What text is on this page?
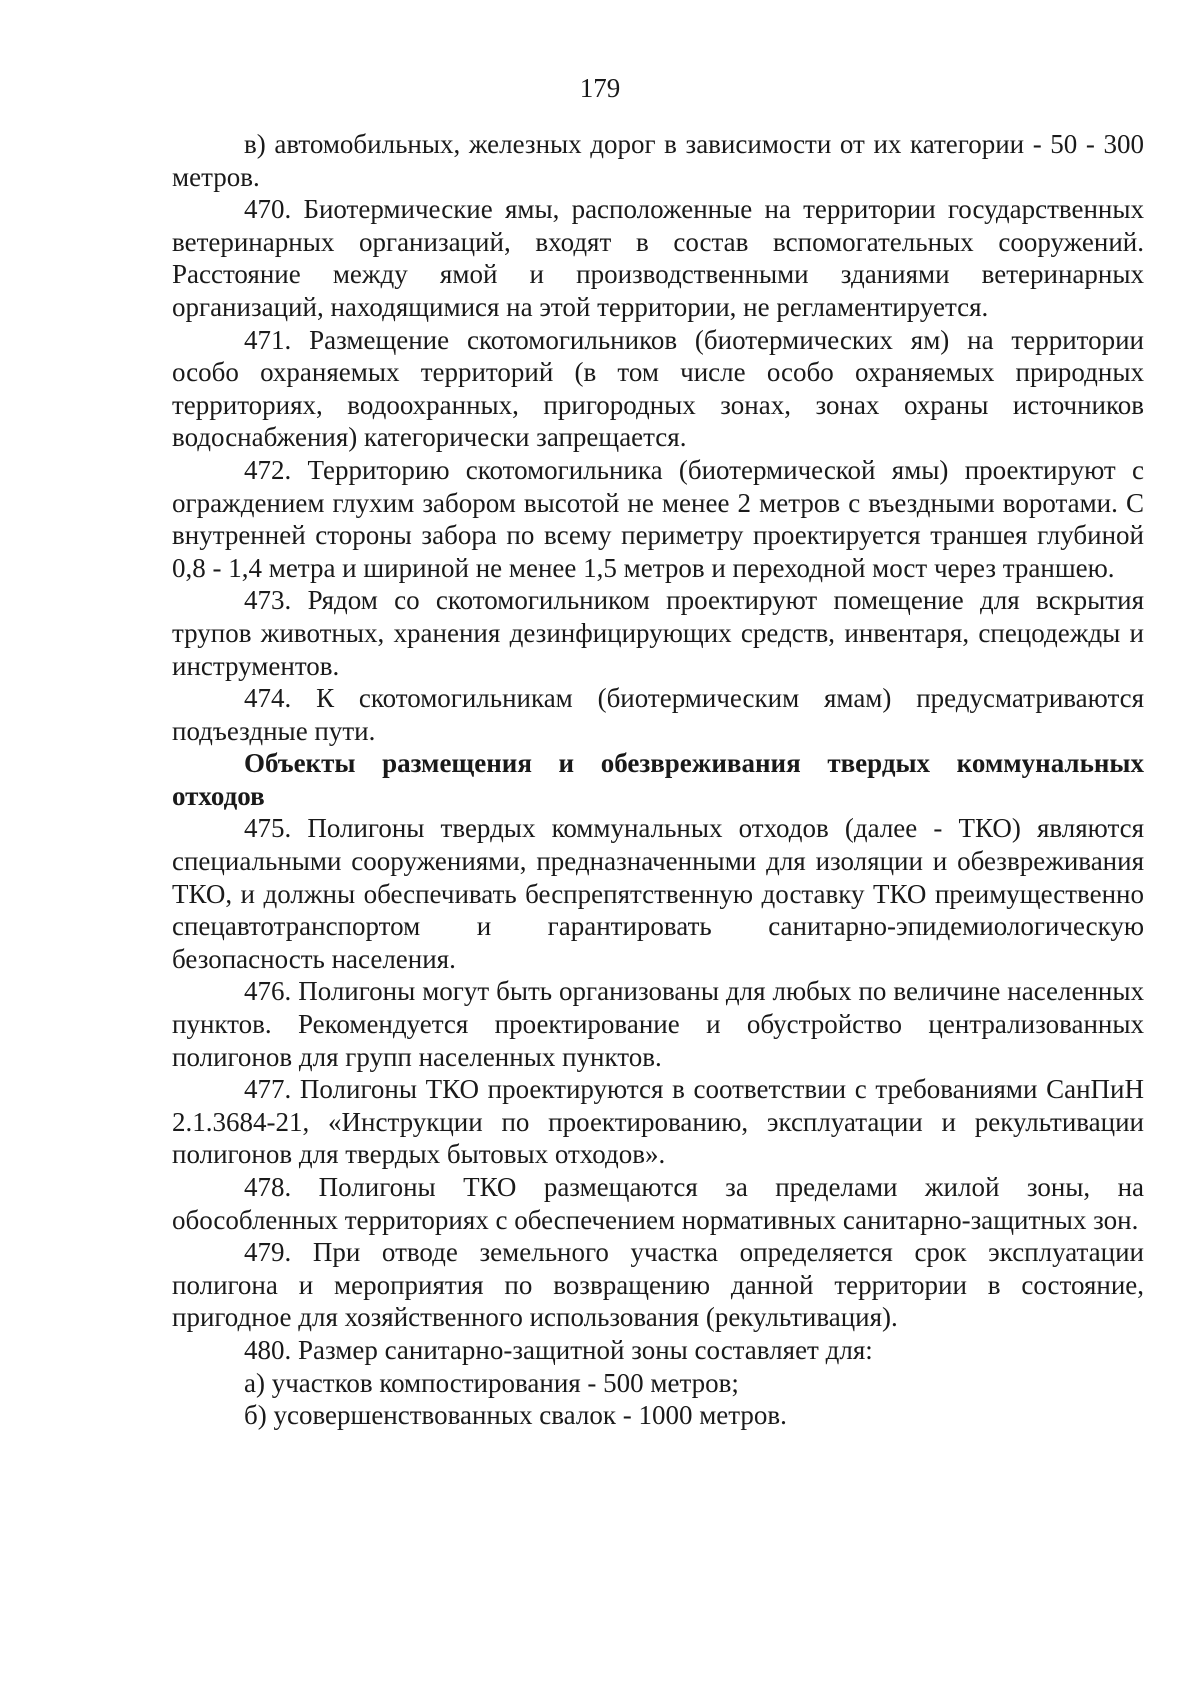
179

в) автомобильных, железных дорог в зависимости от их категории - 50 - 300 метров.

470. Биотермические ямы, расположенные на территории государственных ветеринарных организаций, входят в состав вспомогательных сооружений. Расстояние между ямой и производственными зданиями ветеринарных организаций, находящимися на этой территории, не регламентируется.

471. Размещение скотомогильников (биотермических ям) на территории особо охраняемых территорий (в том числе особо охраняемых природных территориях, водоохранных, пригородных зонах, зонах охраны источников водоснабжения) категорически запрещается.

472. Территорию скотомогильника (биотермической ямы) проектируют с ограждением глухим забором высотой не менее 2 метров с въездными воротами. С внутренней стороны забора по всему периметру проектируется траншея глубиной 0,8 - 1,4 метра и шириной не менее 1,5 метров и переходной мост через траншею.

473. Рядом со скотомогильником проектируют помещение для вскрытия трупов животных, хранения дезинфицирующих средств, инвентаря, спецодежды и инструментов.

474. К скотомогильникам (биотермическим ямам) предусматриваются подъездные пути.

Объекты размещения и обезвреживания твердых коммунальных отходов

475. Полигоны твердых коммунальных отходов (далее - ТКО) являются специальными сооружениями, предназначенными для изоляции и обезвреживания ТКО, и должны обеспечивать беспрепятственную доставку ТКО преимущественно спецавтотранспортом и гарантировать санитарно-эпидемиологическую безопасность населения.

476. Полигоны могут быть организованы для любых по величине населенных пунктов. Рекомендуется проектирование и обустройство централизованных полигонов для групп населенных пунктов.

477. Полигоны ТКО проектируются в соответствии с требованиями СанПиН 2.1.3684-21, «Инструкции по проектированию, эксплуатации и рекультивации полигонов для твердых бытовых отходов».

478. Полигоны ТКО размещаются за пределами жилой зоны, на обособленных территориях с обеспечением нормативных санитарно-защитных зон.

479. При отводе земельного участка определяется срок эксплуатации полигона и мероприятия по возвращению данной территории в состояние, пригодное для хозяйственного использования (рекультивация).

480. Размер санитарно-защитной зоны составляет для:

а) участков компостирования - 500 метров;

б) усовершенствованных свалок - 1000 метров.
